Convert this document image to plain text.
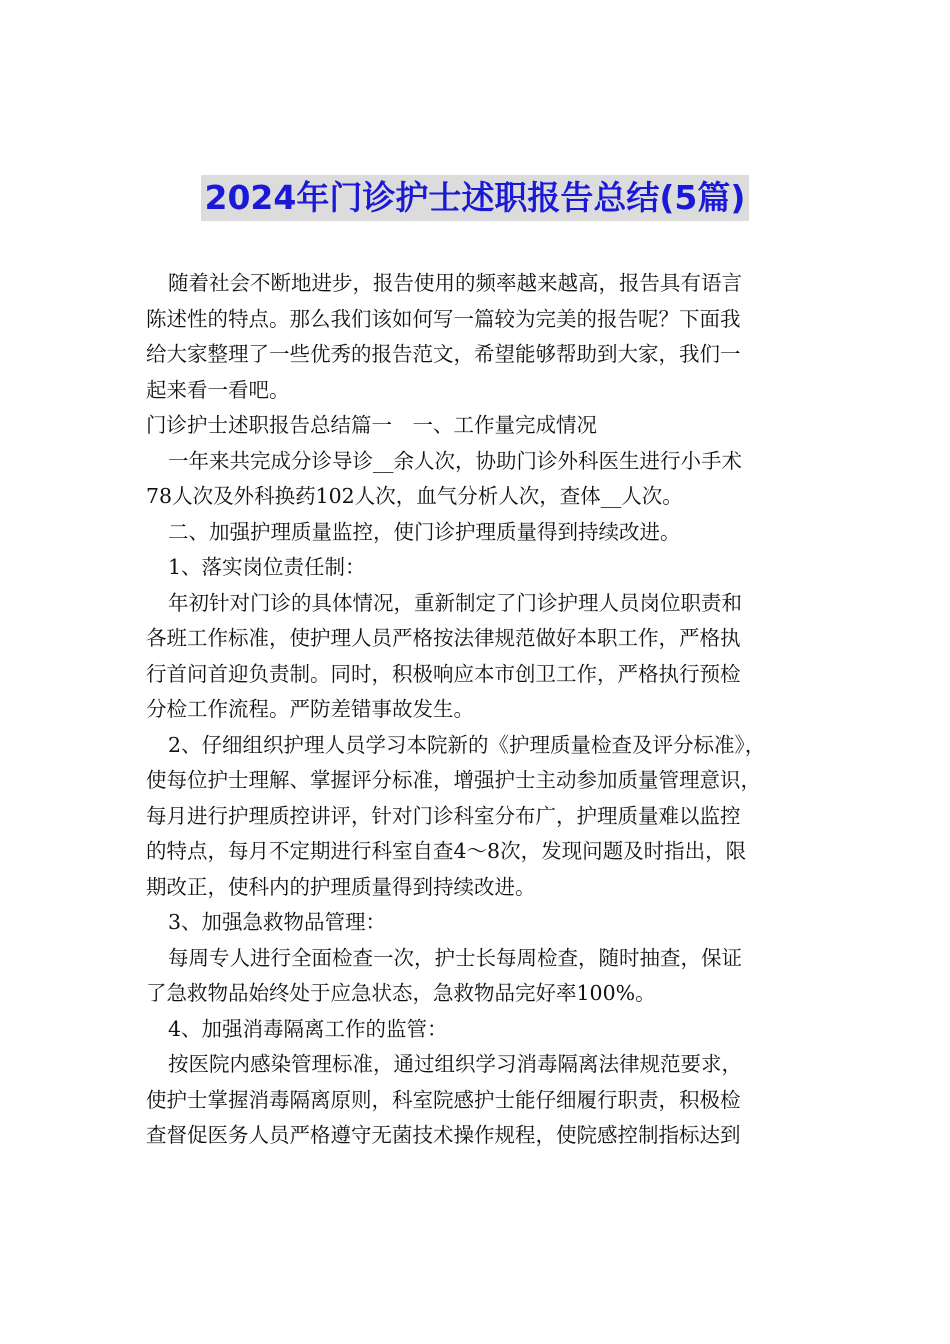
2024年门诊护士述职报告总结(5篇)

随着社会不断地进步，报告使用的频率越来越高，报告具有语言

陈述性的特点。那么我们该如何写一篇较为完美的报告呢？下面我

给大家整理了一些优秀的报告范文，希望能够帮助到大家，我们一

起来看一看吧。

门诊护士述职报告总结篇一　一、工作量完成情况

一年来共完成分诊导诊__余人次，协助门诊外科医生进行小手术

78人次及外科换药102人次，血气分析人次，查体__人次。

二、加强护理质量监控，使门诊护理质量得到持续改进。

1、落实岗位责任制：

年初针对门诊的具体情况，重新制定了门诊护理人员岗位职责和

各班工作标准，使护理人员严格按法律规范做好本职工作，严格执

行首问首迎负责制。同时，积极响应本市创卫工作，严格执行预检

分检工作流程。严防差错事故发生。

2、仔细组织护理人员学习本院新的《护理质量检查及评分标准》，

使每位护士理解、掌握评分标准，增强护士主动参加质量管理意识，

每月进行护理质控讲评，针对门诊科室分布广，护理质量难以监控

的特点，每月不定期进行科室自查4～8次，发现问题及时指出，限

期改正，使科内的护理质量得到持续改进。

3、加强急救物品管理：

每周专人进行全面检查一次，护士长每周检查，随时抽查，保证

了急救物品始终处于应急状态，急救物品完好率100%。

4、加强消毒隔离工作的监管：

按医院内感染管理标准，通过组织学习消毒隔离法律规范要求，

使护士掌握消毒隔离原则，科室院感护士能仔细履行职责，积极检

查督促医务人员严格遵守无菌技术操作规程，使院感控制指标达到
